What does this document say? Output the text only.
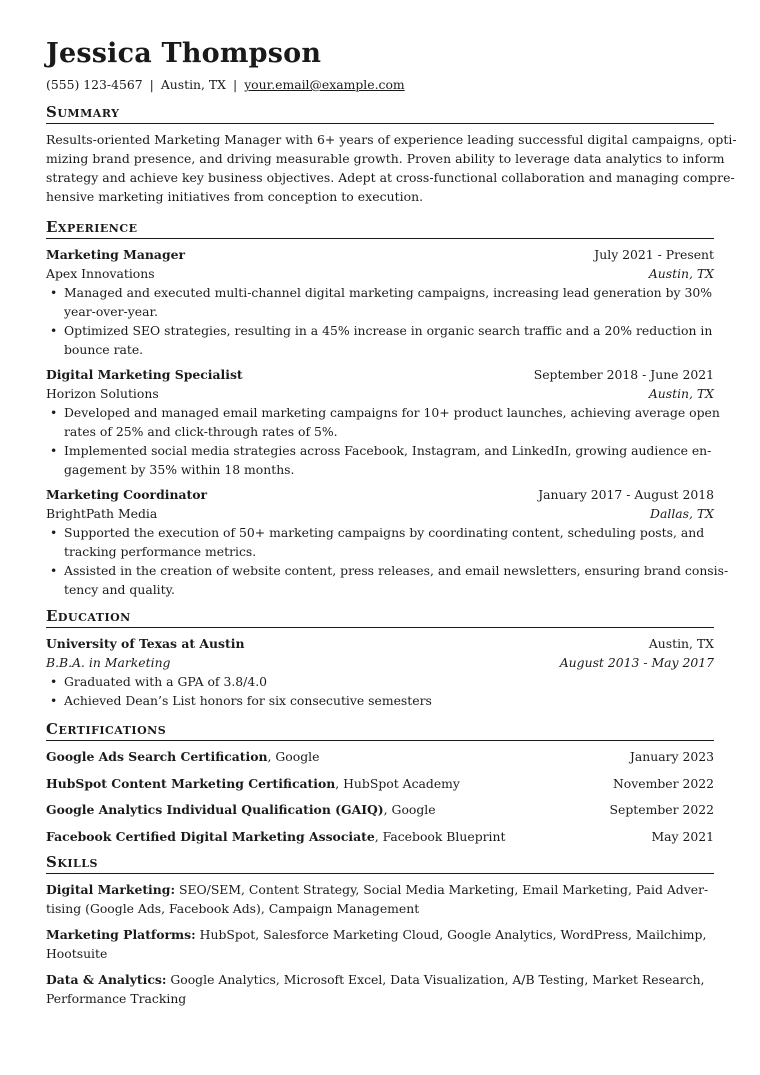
Jessica Thompson
(555) 123-4567 | Austin, TX | your.email@example.com
Summary

Results-oriented Marketing Manager with 6+ years of experience leading successful digital campaigns, opti-
mizing brand presence, and driving measurable growth. Proven ability to leverage data analytics to inform
strategy and achieve key business objectives. Adept at cross-functional collaboration and managing compre-
hensive marketing initiatives from conception to execution.

Experience
Marketing Manager	July 2021 - Present
Apex Innovations	Austin, TX
• Managed and executed multi-channel digital marketing campaigns, increasing lead generation by 30%
year-over-year.
• Optimized SEO strategies, resulting in a 45% increase in organic search traffic and a 20% reduction in
bounce rate.
Digital Marketing Specialist	September 2018 - June 2021
Horizon Solutions	Austin, TX
• Developed and managed email marketing campaigns for 10+ product launches, achieving average open
rates of 25% and click-through rates of 5%.
• Implemented social media strategies across Facebook, Instagram, and LinkedIn, growing audience en-
gagement by 35% within 18 months.
Marketing Coordinator	January 2017 - August 2018
BrightPath Media	Dallas, TX
• Supported the execution of 50+ marketing campaigns by coordinating content, scheduling posts, and
tracking performance metrics.
• Assisted in the creation of website content, press releases, and email newsletters, ensuring brand consis-
tency and quality.
Education
University of Texas at Austin	Austin, TX
B.B.A. in Marketing	August 2013 - May 2017
• Graduated with a GPA of 3.8/4.0
• Achieved Dean’s List honors for six consecutive semesters
Certifications
Google Ads Search Certification, Google	January 2023
HubSpot Content Marketing Certification, HubSpot Academy	November 2022
Google Analytics Individual Qualification (GAIQ), Google	September 2022
Facebook Certified Digital Marketing Associate, Facebook Blueprint	May 2021
Skills

Digital Marketing: SEO/SEM, Content Strategy, Social Media Marketing, Email Marketing, Paid Adver-
tising (Google Ads, Facebook Ads), Campaign Management

Marketing Platforms: HubSpot, Salesforce Marketing Cloud, Google Analytics, WordPress, Mailchimp,
Hootsuite

Data & Analytics: Google Analytics, Microsoft Excel, Data Visualization, A/B Testing, Market Research,
Performance Tracking
